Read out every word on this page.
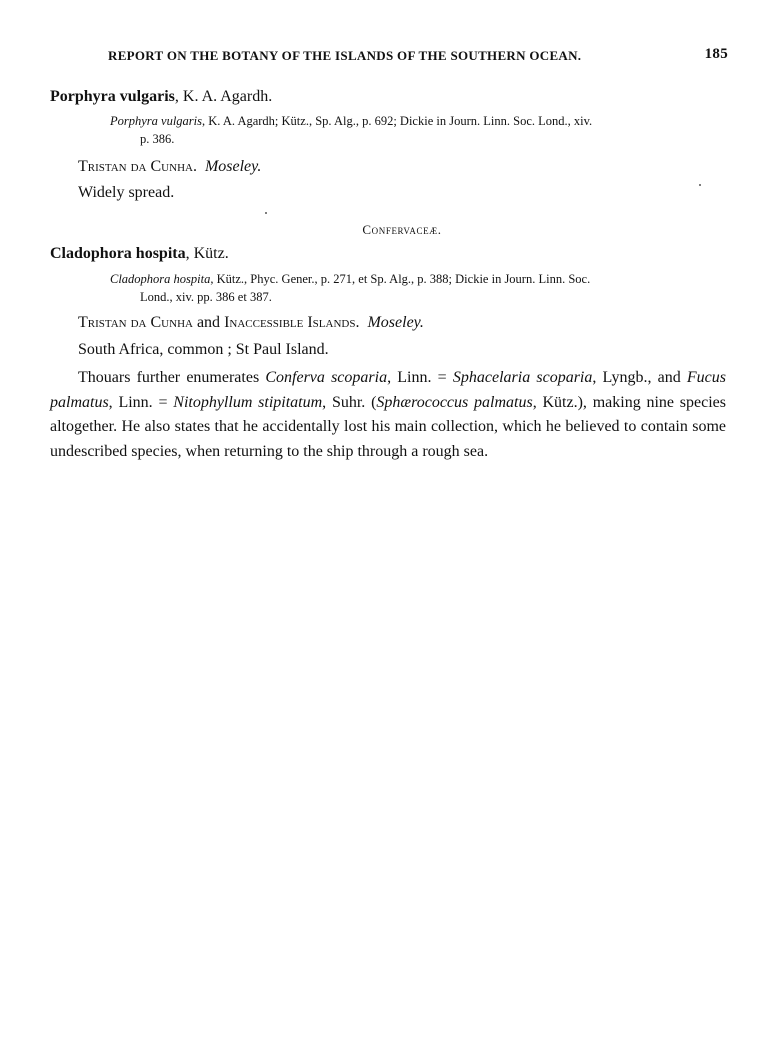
REPORT ON THE BOTANY OF THE ISLANDS OF THE SOUTHERN OCEAN.	185
Porphyra vulgaris, K. A. Agardh.
Porphyra vulgaris, K. A. Agardh; Kütz., Sp. Alg., p. 692; Dickie in Journ. Linn. Soc. Lond., xiv.
p. 386.
Tristan da Cunha. Moseley.
Widely spread.
Confervaceæ.
Cladophora hospita, Kütz.
Cladophora hospita, Kütz., Phyc. Gener., p. 271, et Sp. Alg., p. 388; Dickie in Journ. Linn. Soc.
Lond., xiv. pp. 386 et 387.
Tristan da Cunha and Inaccessible Islands. Moseley.
South Africa, common ; St Paul Island.
Thouars further enumerates Conferva scoparia, Linn. = Sphacelaria scoparia, Lyngb., and Fucus palmatus, Linn. = Nitophyllum stipitatum, Suhr. (Sphærococcus palmatus, Kütz.), making nine species altogether. He also states that he accidentally lost his main collection, which he believed to contain some undescribed species, when returning to the ship through a rough sea.
